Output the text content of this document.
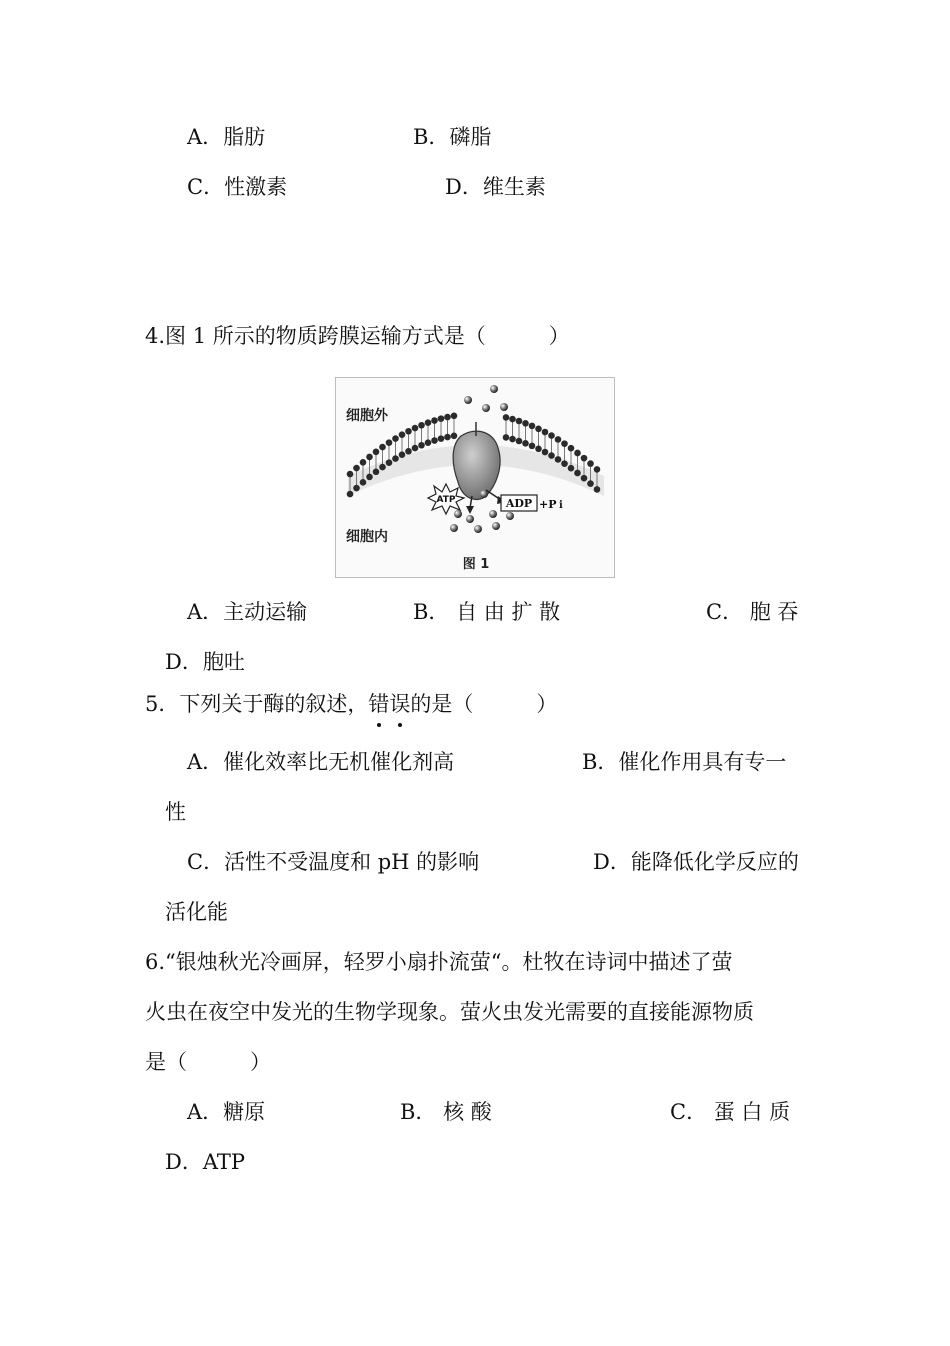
A．脂肪	B．磷脂
C．性激素	D．维生素
4.图 1 所示的物质跨膜运输方式是（　　　）
ATP	ADP +P i
细胞外
细胞内
图 1
A．主动运输	B． 自 由 扩 散	C． 胞 吞
D．胞吐
5．下列关于酶的叙述，错误的是（　　　）
A．催化效率比无机催化剂高	B．催化作用具有专一
性
C．活性不受温度和 pH 的影响	D．能降低化学反应的
活化能
6.“银烛秋光冷画屏，轻罗小扇扑流萤“。杜牧在诗词中描述了萤
火虫在夜空中发光的生物学现象。萤火虫发光需要的直接能源物质
是（　　　）
A．糖原	B． 核 酸	C． 蛋 白 质
D．ATP
